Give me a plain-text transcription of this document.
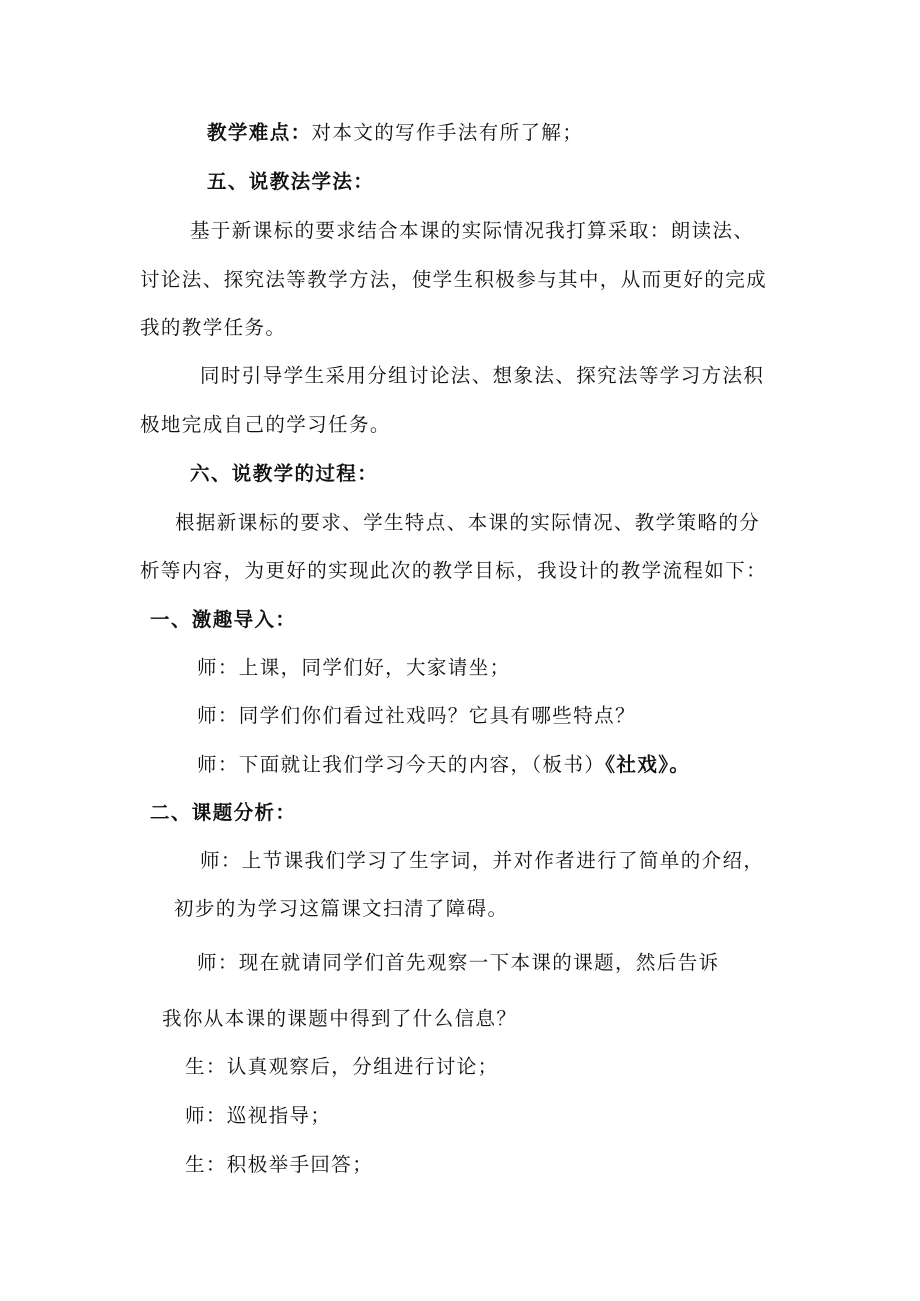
教学难点：对本文的写作手法有所了解；
五、说教法学法：
基于新课标的要求结合本课的实际情况我打算采取：朗读法、
讨论法、探究法等教学方法，使学生积极参与其中，从而更好的完成
我的教学任务。
同时引导学生采用分组讨论法、想象法、探究法等学习方法积
极地完成自己的学习任务。
六、说教学的过程：
根据新课标的要求、学生特点、本课的实际情况、教学策略的分
析等内容，为更好的实现此次的教学目标，我设计的教学流程如下：
一、激趣导入：
师：上课，同学们好，大家请坐；
师：同学们你们看过社戏吗？它具有哪些特点？
师：下面就让我们学习今天的内容，（板书）《社戏》。
二、课题分析：
师：上节课我们学习了生字词，并对作者进行了简单的介绍，
初步的为学习这篇课文扫清了障碍。
师：现在就请同学们首先观察一下本课的课题，然后告诉
我你从本课的课题中得到了什么信息？
生：认真观察后，分组进行讨论；
师：巡视指导；
生：积极举手回答；
